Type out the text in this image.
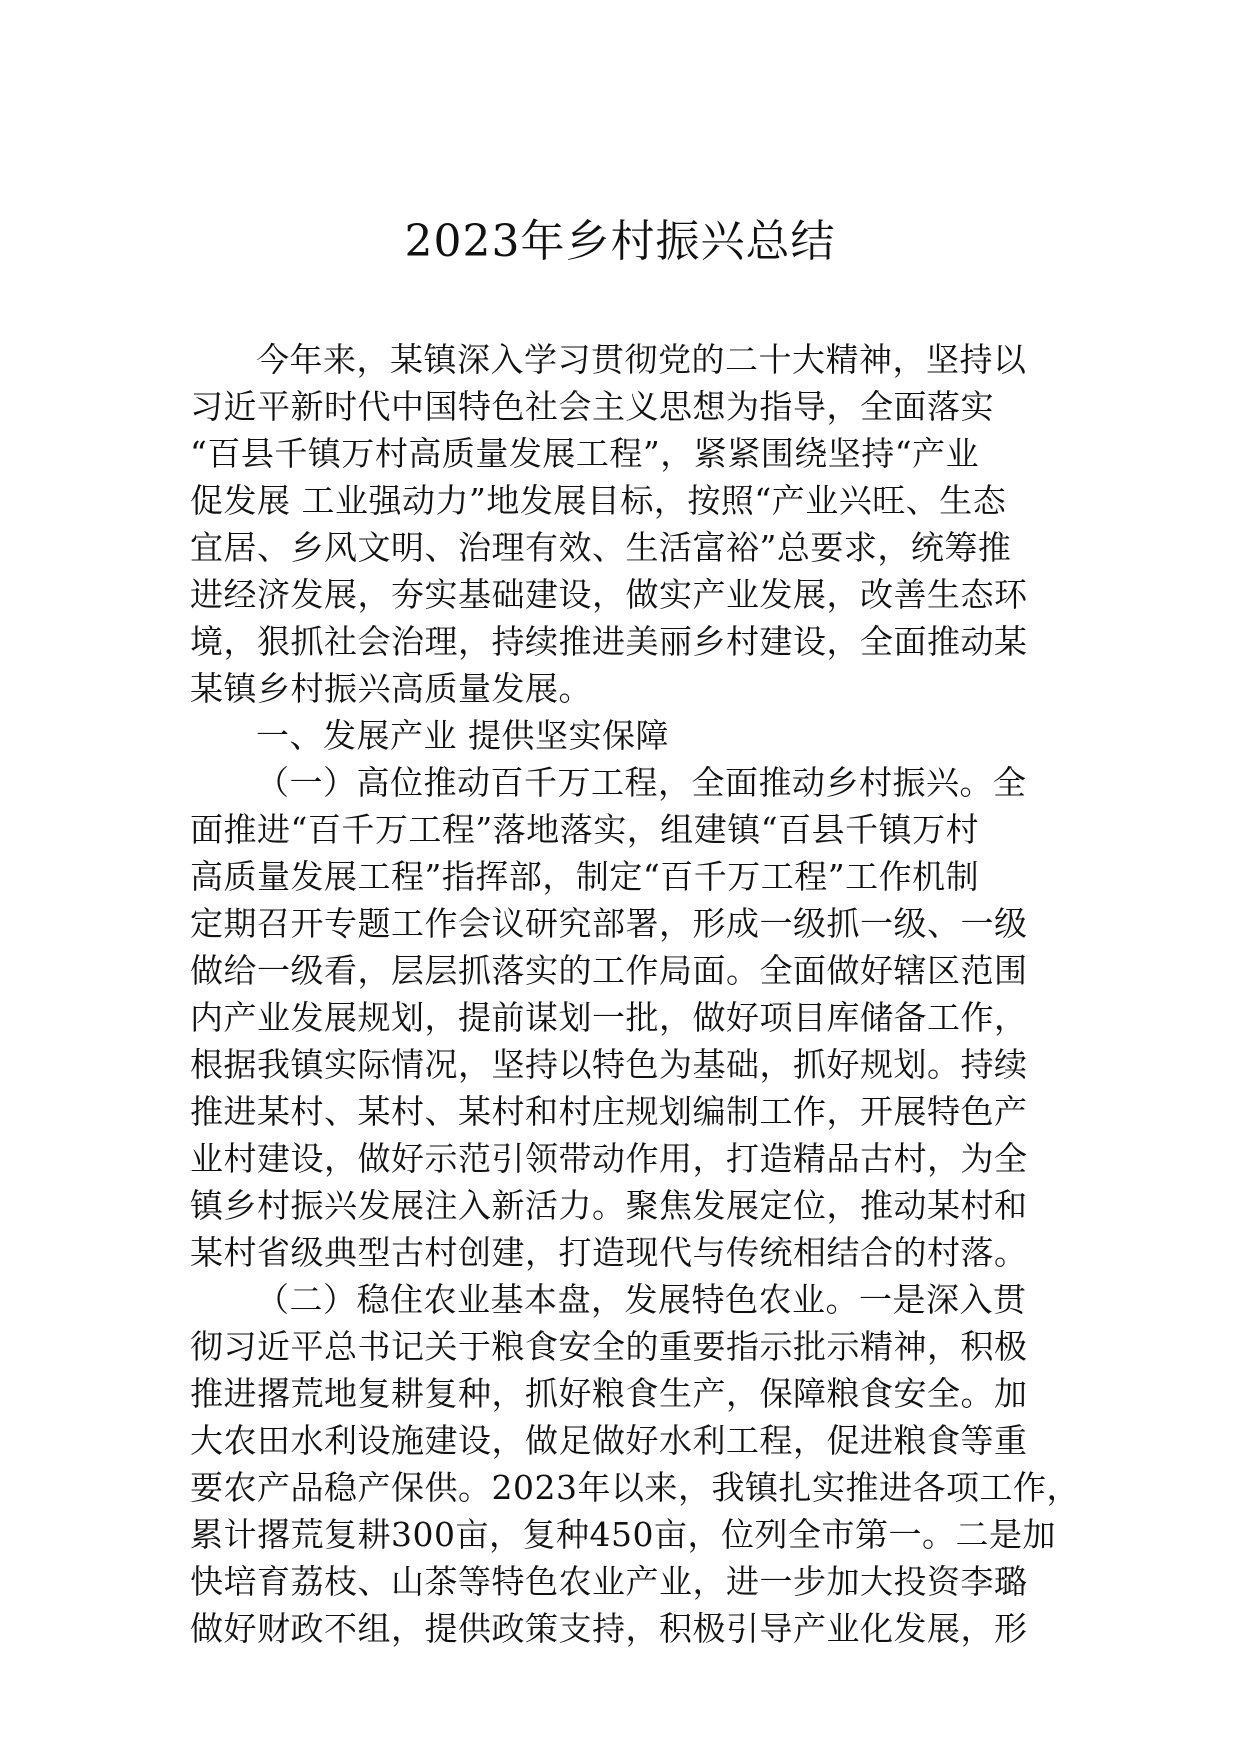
2023年乡村振兴总结
今年来，某镇深入学习贯彻党的二十大精神，坚持以
习近平新时代中国特色社会主义思想为指导，全面落实
“百县千镇万村高质量发展工程”，紧紧围绕坚持“产业
促发展 工业强动力”地发展目标，按照“产业兴旺、生态
宜居、乡风文明、治理有效、生活富裕”总要求，统筹推
进经济发展，夯实基础建设，做实产业发展，改善生态环
境，狠抓社会治理，持续推进美丽乡村建设，全面推动某
某镇乡村振兴高质量发展。
一、发展产业 提供坚实保障
（一）高位推动百千万工程，全面推动乡村振兴。全
面推进“百千万工程”落地落实，组建镇“百县千镇万村
高质量发展工程”指挥部，制定“百千万工程”工作机制
定期召开专题工作会议研究部署，形成一级抓一级、一级
做给一级看，层层抓落实的工作局面。全面做好辖区范围
内产业发展规划，提前谋划一批，做好项目库储备工作，
根据我镇实际情况，坚持以特色为基础，抓好规划。持续
推进某村、某村、某村和村庄规划编制工作，开展特色产
业村建设，做好示范引领带动作用，打造精品古村，为全
镇乡村振兴发展注入新活力。聚焦发展定位，推动某村和
某村省级典型古村创建，打造现代与传统相结合的村落。
（二）稳住农业基本盘，发展特色农业。一是深入贯
彻习近平总书记关于粮食安全的重要指示批示精神，积极
推进撂荒地复耕复种，抓好粮食生产，保障粮食安全。加
大农田水利设施建设，做足做好水利工程，促进粮食等重
要农产品稳产保供。2023年以来，我镇扎实推进各项工作，
累计撂荒复耕300亩，复种450亩，位列全市第一。二是加
快培育荔枝、山茶等特色农业产业，进一步加大投资李璐
做好财政不组，提供政策支持，积极引导产业化发展，形
